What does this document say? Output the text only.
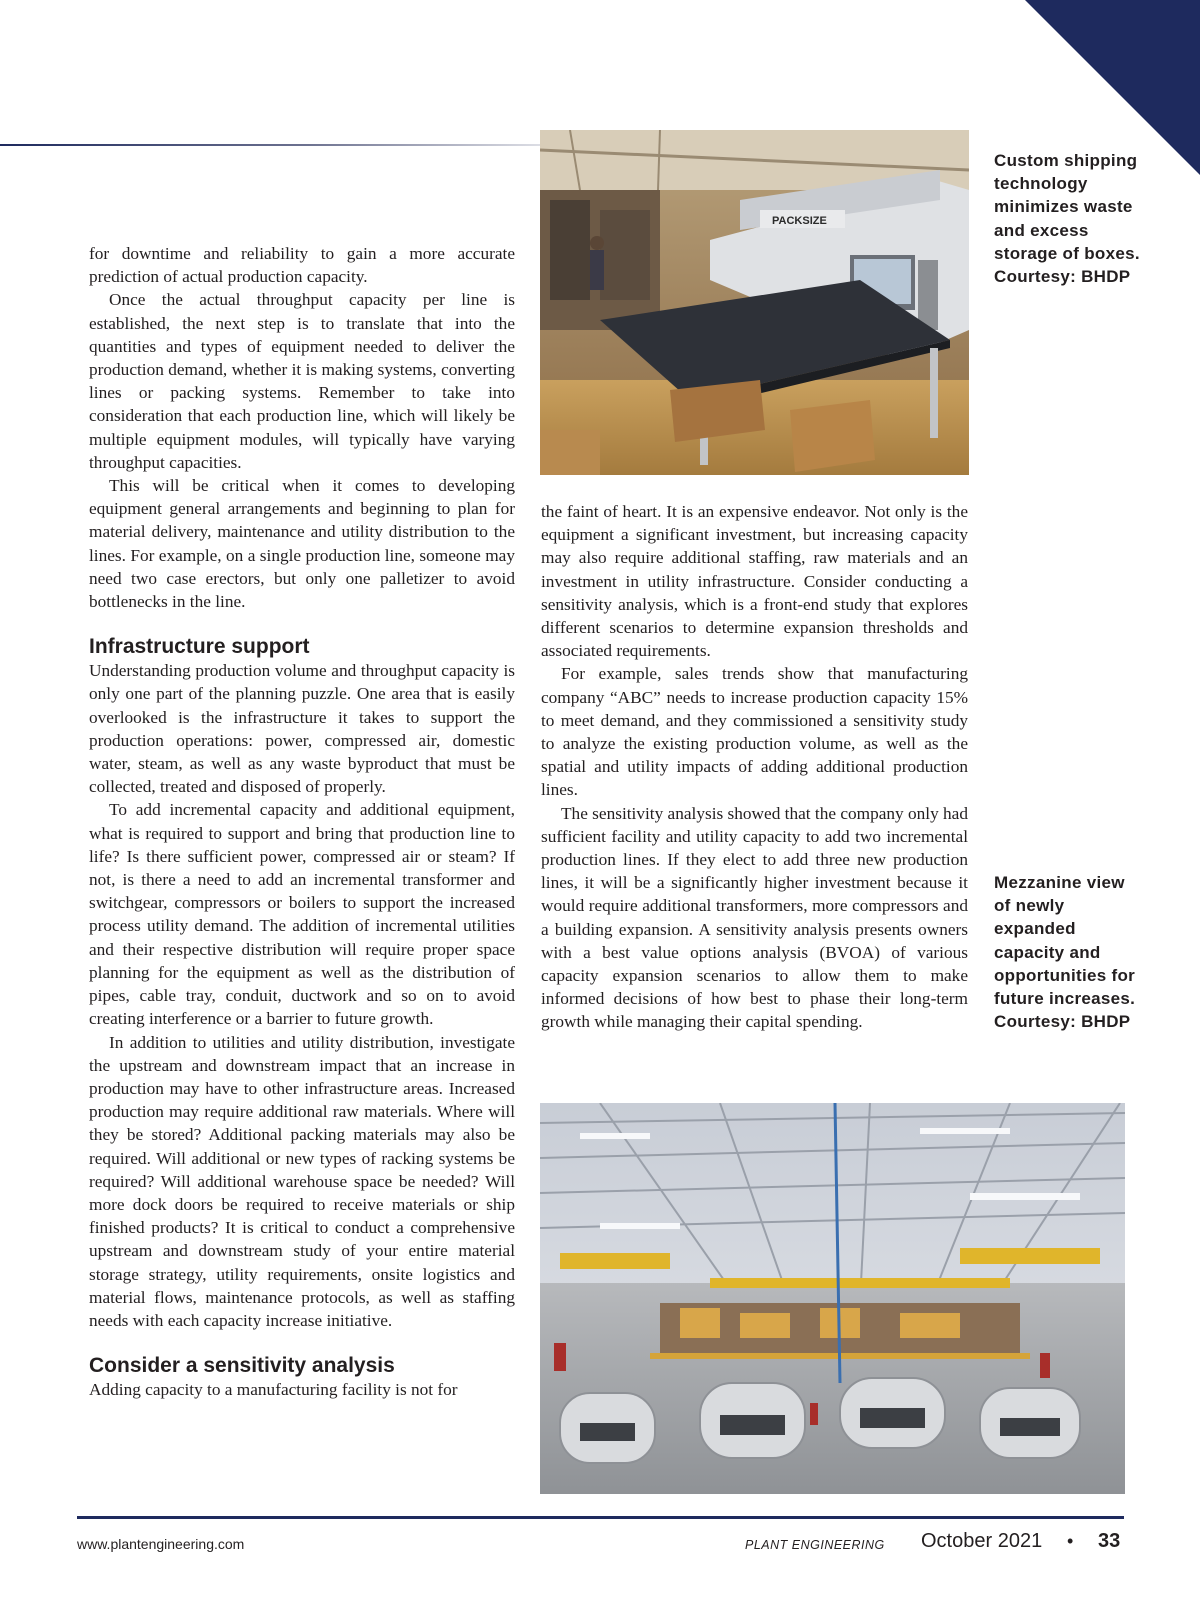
for downtime and reliability to gain a more accurate prediction of actual production capacity.

Once the actual throughput capacity per line is established, the next step is to translate that into the quantities and types of equipment needed to deliver the production demand, whether it is making systems, converting lines or packing systems. Remember to take into consideration that each production line, which will likely be multiple equipment modules, will typically have varying throughput capacities.

This will be critical when it comes to developing equipment general arrangements and beginning to plan for material delivery, maintenance and utility distribution to the lines. For example, on a single production line, someone may need two case erectors, but only one palletizer to avoid bottlenecks in the line.

Infrastructure support

Understanding production volume and throughput capacity is only one part of the planning puzzle. One area that is easily overlooked is the infrastructure it takes to support the production operations: power, compressed air, domestic water, steam, as well as any waste byproduct that must be collected, treated and disposed of properly.

To add incremental capacity and additional equipment, what is required to support and bring that production line to life? Is there sufficient power, compressed air or steam? If not, is there a need to add an incremental transformer and switchgear, compressors or boilers to support the increased process utility demand. The addition of incremental utilities and their respective distribution will require proper space planning for the equipment as well as the distribution of pipes, cable tray, conduit, ductwork and so on to avoid creating interference or a barrier to future growth.

In addition to utilities and utility distribution, investigate the upstream and downstream impact that an increase in production may have to other infrastructure areas. Increased production may require additional raw materials. Where will they be stored? Additional packing materials may also be required. Will additional or new types of racking systems be required? Will additional warehouse space be needed? Will more dock doors be required to receive materials or ship finished products? It is critical to conduct a comprehensive upstream and downstream study of your entire material storage strategy, utility requirements, onsite logistics and material flows, maintenance protocols, as well as staffing needs with each capacity increase initiative.

Consider a sensitivity analysis

Adding capacity to a manufacturing facility is not for

the faint of heart. It is an expensive endeavor. Not only is the equipment a significant investment, but increasing capacity may also require additional staffing, raw materials and an investment in utility infrastructure. Consider conducting a sensitivity analysis, which is a front-end study that explores different scenarios to determine expansion thresholds and associated requirements.

For example, sales trends show that manufacturing company “ABC” needs to increase production capacity 15% to meet demand, and they commissioned a sensitivity study to analyze the existing production volume, as well as the spatial and utility impacts of adding additional production lines.

The sensitivity analysis showed that the company only had sufficient facility and utility capacity to add two incremental production lines. If they elect to add three new production lines, it will be a significantly higher investment because it would require additional transformers, more compressors and a building expansion. A sensitivity analysis presents owners with a best value options analysis (BVOA) of various capacity expansion scenarios to allow them to make informed decisions of how best to phase their long-term growth while managing their capital spending.

PACKSIZE
Custom shipping technology minimizes waste and excess storage of boxes. Courtesy: BHDP
Mezzanine view of newly expanded capacity and opportunities for future increases. Courtesy: BHDP
www.plantengineering.com	PLANT ENGINEERING October 2021 • 33
